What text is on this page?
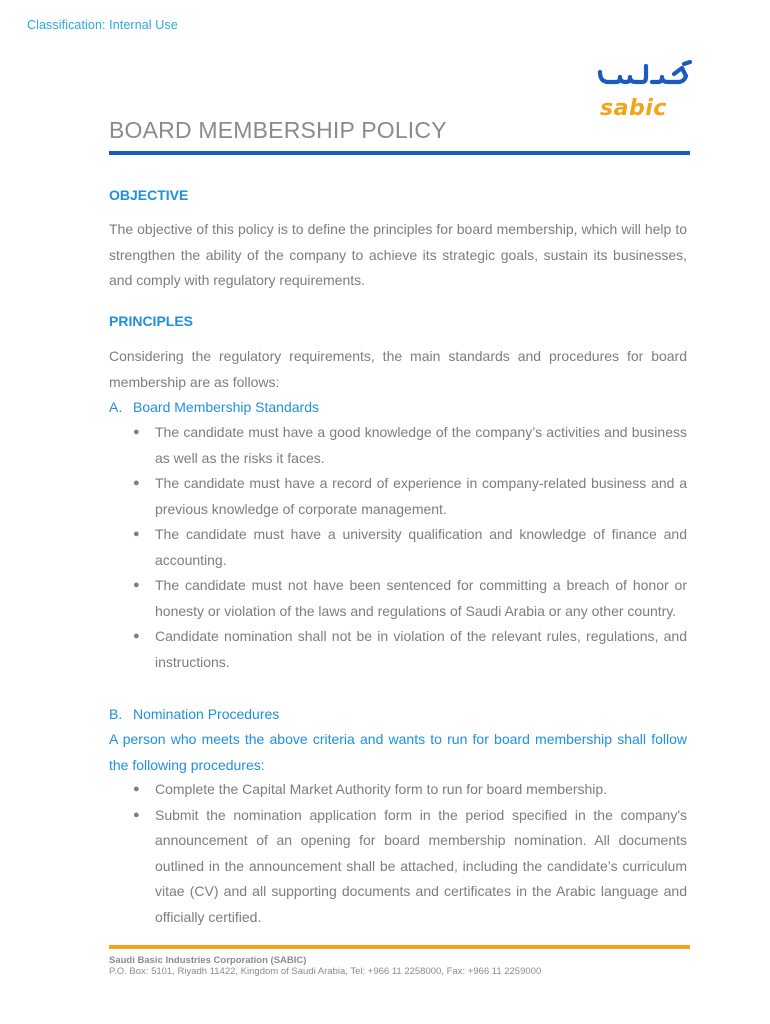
Classification: Internal Use
sabic
BOARD MEMBERSHIP POLICY
OBJECTIVE

The objective of this policy is to define the principles for board membership, which will help to strengthen the ability of the company to achieve its strategic goals, sustain its businesses, and comply with regulatory requirements.

PRINCIPLES

Considering the regulatory requirements, the main standards and procedures for board membership are as follows:

A. Board Membership Standards
● The candidate must have a good knowledge of the company’s activities and business as well as the risks it faces.
● The candidate must have a record of experience in company-related business and a previous knowledge of corporate management.
● The candidate must have a university qualification and knowledge of finance and accounting.
● The candidate must not have been sentenced for committing a breach of honor or honesty or violation of the laws and regulations of Saudi Arabia or any other country.
● Candidate nomination shall not be in violation of the relevant rules, regulations, and instructions.
B. Nomination Procedures

A person who meets the above criteria and wants to run for board membership shall follow the following procedures:

● Complete the Capital Market Authority form to run for board membership.
● Submit the nomination application form in the period specified in the company's announcement of an opening for board membership nomination. All documents outlined in the announcement shall be attached, including the candidate’s curriculum vitae (CV) and all supporting documents and certificates in the Arabic language and officially certified.
Saudi Basic Industries Corporation (SABIC)
P.O. Box: 5101, Riyadh 11422, Kingdom of Saudi Arabia, Tel: +966 11 2258000, Fax: +966 11 2259000
